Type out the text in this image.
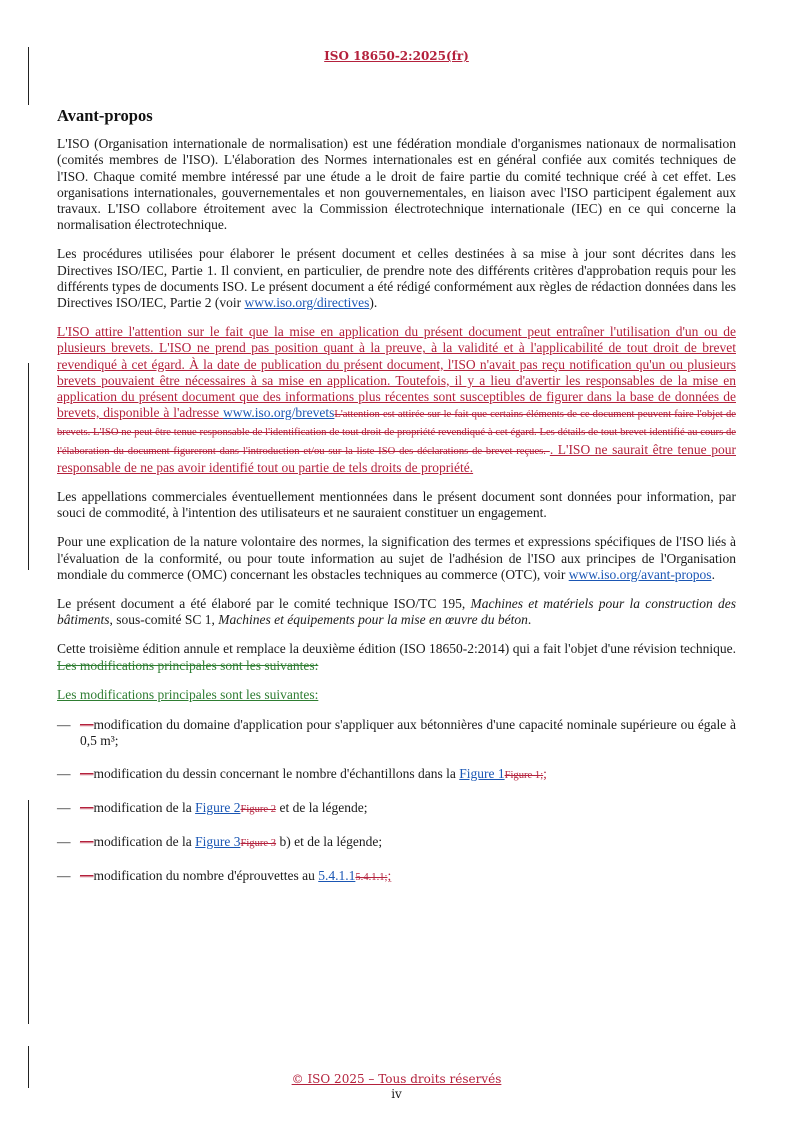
ISO 18650-2:2025(fr)
Avant-propos

L'ISO (Organisation internationale de normalisation) est une fédération mondiale d'organismes nationaux de normalisation (comités membres de l'ISO). L'élaboration des Normes internationales est en général confiée aux comités techniques de l'ISO. Chaque comité membre intéressé par une étude a le droit de faire partie du comité technique créé à cet effet. Les organisations internationales, gouvernementales et non gouvernementales, en liaison avec l'ISO participent également aux travaux. L'ISO collabore étroitement avec la Commission électrotechnique internationale (IEC) en ce qui concerne la normalisation électrotechnique.

Les procédures utilisées pour élaborer le présent document et celles destinées à sa mise à jour sont décrites dans les Directives ISO/IEC, Partie 1. Il convient, en particulier, de prendre note des différents critères d'approbation requis pour les différents types de documents ISO. Le présent document a été rédigé conformément aux règles de rédaction données dans les Directives ISO/IEC, Partie 2 (voir www.iso.org/directives).

L'ISO attire l'attention sur le fait que la mise en application du présent document peut entraîner l'utilisation d'un ou de plusieurs brevets. L'ISO ne prend pas position quant à la preuve, à la validité et à l'applicabilité de tout droit de brevet revendiqué à cet égard. À la date de publication du présent document, l'ISO n'avait pas reçu notification qu'un ou plusieurs brevets pouvaient être nécessaires à sa mise en application. Toutefois, il y a lieu d'avertir les responsables de la mise en application du présent document que des informations plus récentes sont susceptibles de figurer dans la base de données de brevets, disponible à l'adresse www.iso.org/brevetsL'attention est attirée sur le fait que certains éléments de ce document peuvent faire l'objet de brevets. L'ISO ne peut être tenue responsable de l'identification de tout droit de propriété revendiqué à cet égard. Les détails de tout brevet identifié au cours de l'élaboration du document figureront dans l'introduction et/ou sur la liste ISO des déclarations de brevet reçues. . L'ISO ne saurait être tenue pour responsable de ne pas avoir identifié tout ou partie de tels droits de propriété.

Les appellations commerciales éventuellement mentionnées dans le présent document sont données pour information, par souci de commodité, à l'intention des utilisateurs et ne sauraient constituer un engagement.

Pour une explication de la nature volontaire des normes, la signification des termes et expressions spécifiques de l'ISO liés à l'évaluation de la conformité, ou pour toute information au sujet de l'adhésion de l'ISO aux principes de l'Organisation mondiale du commerce (OMC) concernant les obstacles techniques au commerce (OTC), voir www.iso.org/avant-propos.

Le présent document a été élaboré par le comité technique ISO/TC 195, Machines et matériels pour la construction des bâtiments, sous-comité SC 1, Machines et équipements pour la mise en œuvre du béton.

Cette troisième édition annule et remplace la deuxième édition (ISO 18650-2:2014) qui a fait l'objet d'une révision technique. Les modifications principales sont les suivantes:

Les modifications principales sont les suivantes:

— —modification du domaine d'application pour s'appliquer aux bétonnières d'une capacité nominale supérieure ou égale à 0,5 m³;
— —modification du dessin concernant le nombre d'échantillons dans la Figure 1Figure 1;;
— —modification de la Figure 2Figure 2 et de la légende;
— —modification de la Figure 3Figure 3 b) et de la légende;
— —modification du nombre d'éprouvettes au 5.4.1.15.4.1.1;;
© ISO 2025 – Tous droits réservés
iv
